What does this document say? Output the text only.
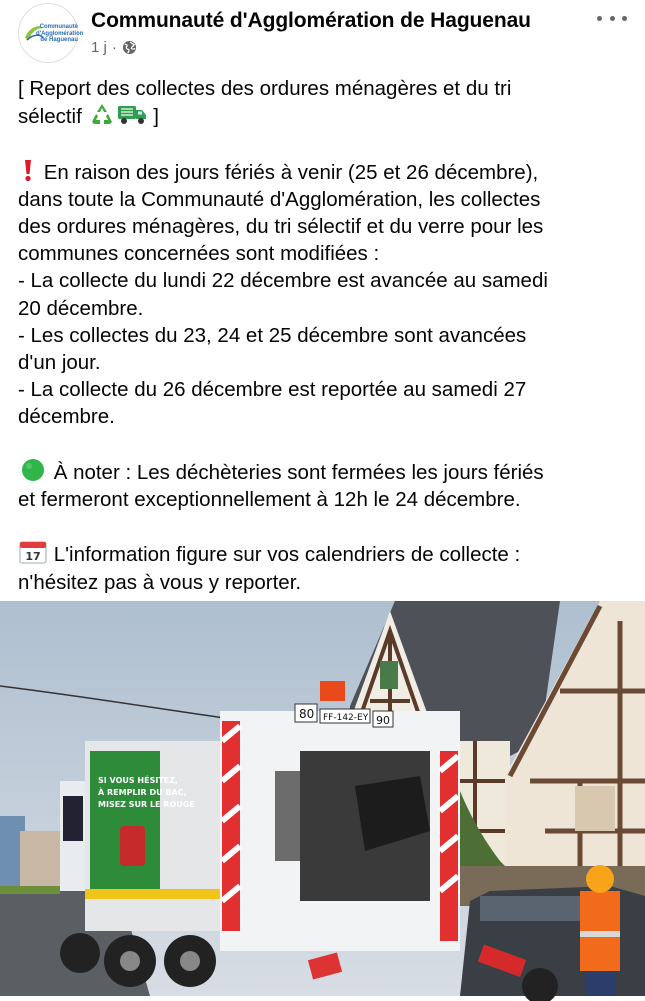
Communauté d'Agglomération de Haguenau
Communauté d'Agglomération de Haguenau
1 j ·

[ Report des collectes des ordures ménagères et du tri

sélectif	]

En raison des jours fériés à venir (25 et 26 décembre),

dans toute la Communauté d'Agglomération, les collectes

des ordures ménagères, du tri sélectif et du verre pour les

communes concernées sont modifiées :

- La collecte du lundi 22 décembre est avancée au samedi

20 décembre.

- Les collectes du 23, 24 et 25 décembre sont avancées

d'un jour.

- La collecte du 26 décembre est reportée au samedi 27

décembre.

À noter : Les déchèteries sont fermées les jours fériés

et fermeront exceptionnellement à 12h le 24 décembre.

17 L'information figure sur vos calendriers de collecte :

n'hésitez pas à vous y reporter.

SI VOUS HÉSITEZ,
À REMPLIR DU BAC,
MISEZ SUR LE ROUGE
80 FF-142-EY 90
